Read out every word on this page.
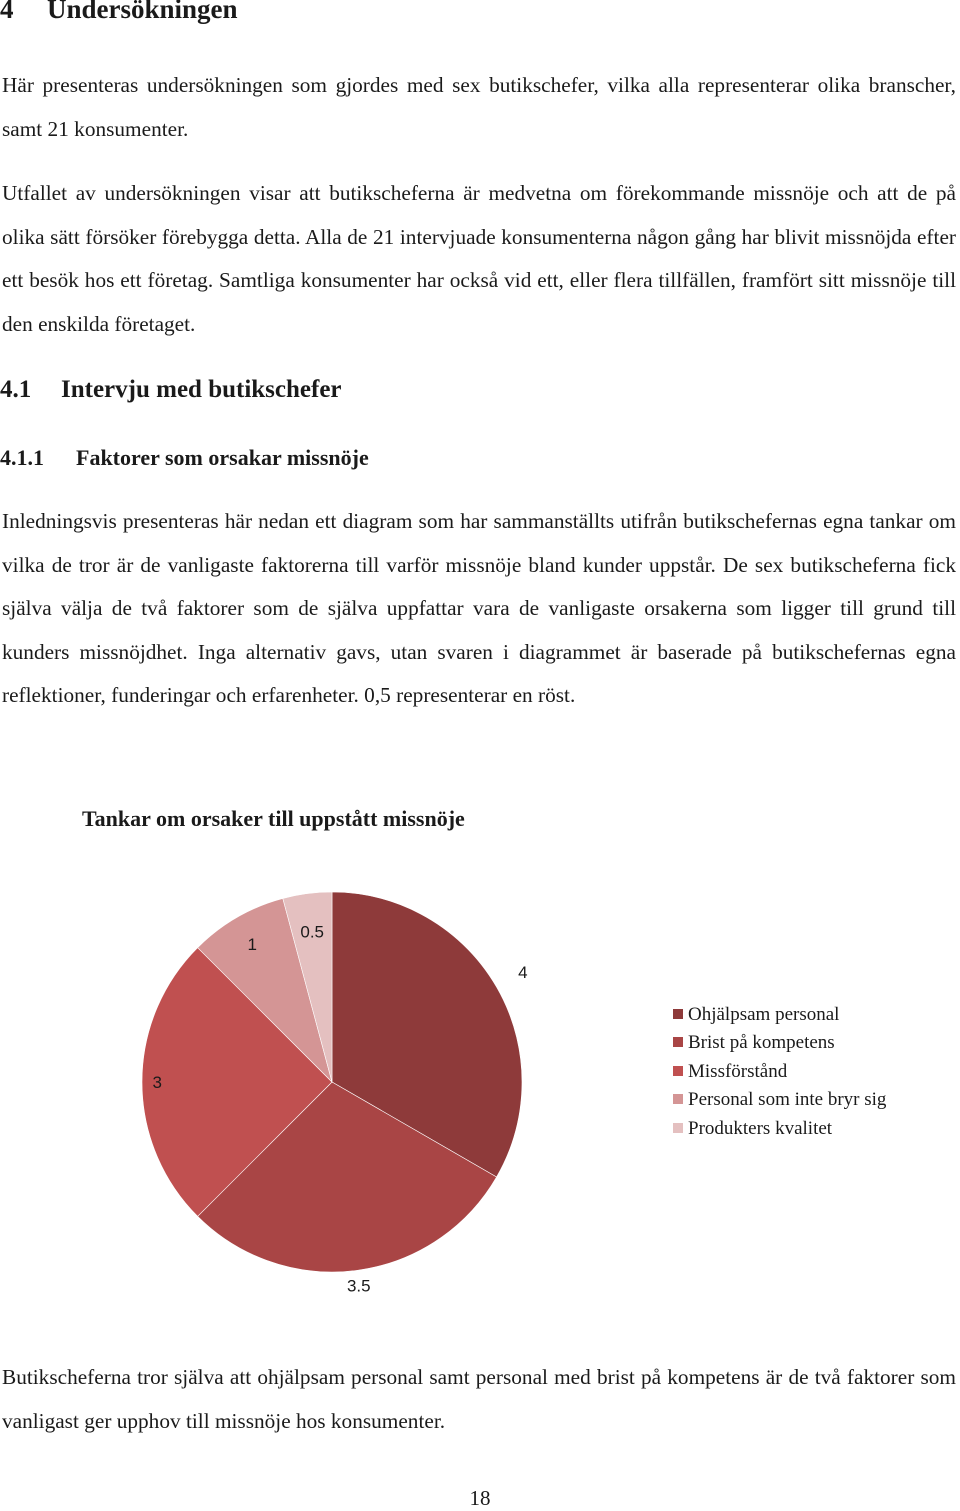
4 Undersökningen

Här presenteras undersökningen som gjordes med sex butikschefer, vilka alla representerar olika branscher, samt 21 konsumenter.

Utfallet av undersökningen visar att butikscheferna är medvetna om förekommande missnöje och att de på olika sätt försöker förebygga detta. Alla de 21 intervjuade konsumenterna någon gång har blivit missnöjda efter ett besök hos ett företag. Samtliga konsumenter har också vid ett, eller flera tillfällen, framfört sitt missnöje till den enskilda företaget.

4.1 Intervju med butikschefer
4.1.1 Faktorer som orsakar missnöje

Inledningsvis presenteras här nedan ett diagram som har sammanställts utifrån butikschefernas egna tankar om vilka de tror är de vanligaste faktorerna till varför missnöje bland kunder uppstår. De sex butikscheferna fick själva välja de två faktorer som de själva uppfattar vara de vanligaste orsakerna som ligger till grund till kunders missnöjdhet. Inga alternativ gavs, utan svaren i diagrammet är baserade på butikschefernas egna reflektioner, funderingar och erfarenheter. 0,5 representerar en röst.

Tankar om orsaker till uppstått missnöje
4
3.5
3
1
0.5
Ohjälpsam personal
Brist på kompetens
Missförstånd
Personal som inte bryr sig
Produkters kvalitet

Butikscheferna tror själva att ohjälpsam personal samt personal med brist på kompetens är de två faktorer som vanligast ger upphov till missnöje hos konsumenter.

18
